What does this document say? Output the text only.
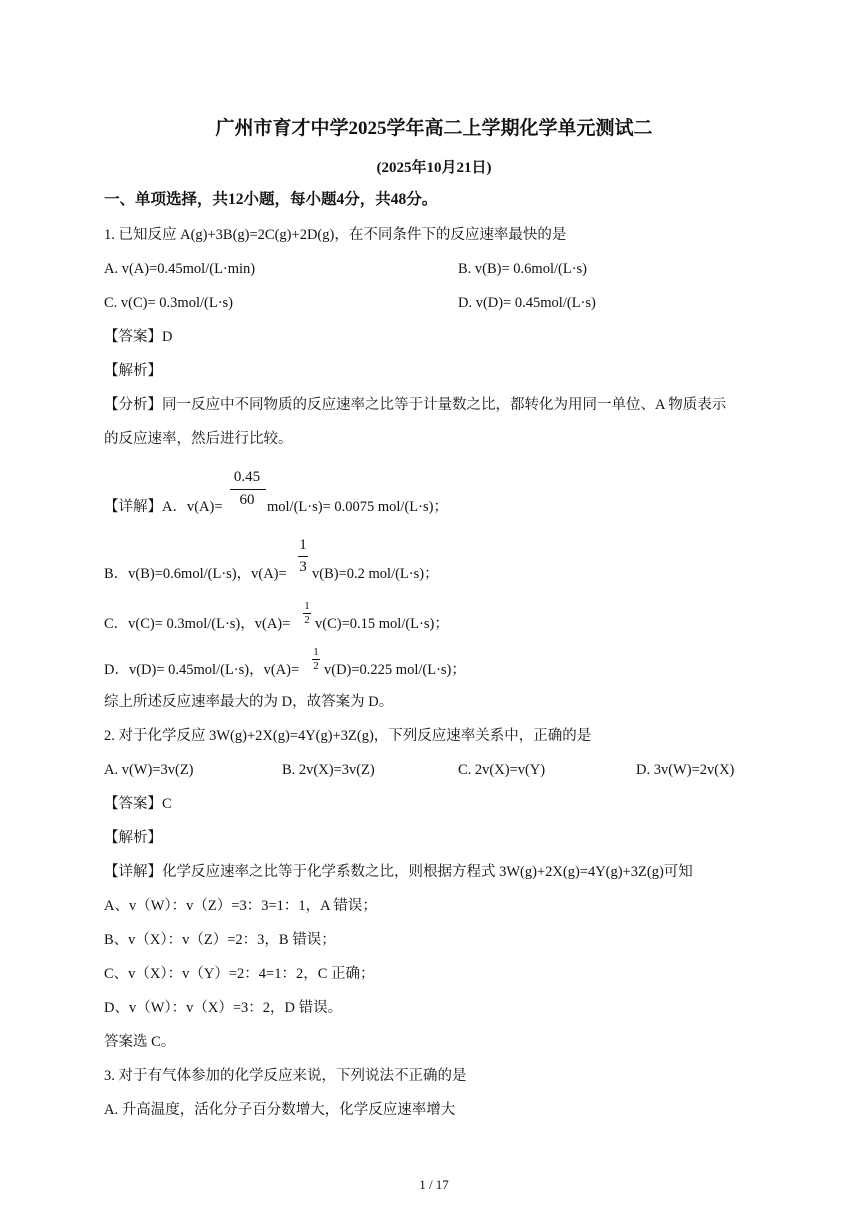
广州市育才中学2025学年高二上学期化学单元测试二
(2025年10月21日)
一、单项选择，共12小题，每小题4分，共48分。
1. 已知反应 A(g)+3B(g)=2C(g)+2D(g)，在不同条件下的反应速率最快的是
A. v(A)=0.45mol/(L·min)	B. v(B)= 0.6mol/(L·s)
C. v(C)= 0.3mol/(L·s)	D. v(D)= 0.45mol/(L·s)
【答案】D
【解析】
【分析】同一反应中不同物质的反应速率之比等于计量数之比，都转化为用同一单位、A 物质表示
的反应速率，然后进行比较。
0.45
60
【详解】A．v(A)=	mol/(L·s)= 0.0075 mol/(L·s)；
1
3
B．v(B)=0.6mol/(L·s)，v(A)= v(B)=0.2 mol/(L·s)；
1
2
C．v(C)= 0.3mol/(L·s)，v(A)= v(C)=0.15 mol/(L·s)；
1
2
D．v(D)= 0.45mol/(L·s)，v(A)= v(D)=0.225 mol/(L·s)；
综上所述反应速率最大的为 D，故答案为 D。
2. 对于化学反应 3W(g)+2X(g)=4Y(g)+3Z(g)，下列反应速率关系中，正确的是
A. v(W)=3v(Z)	B. 2v(X)=3v(Z)	C. 2v(X)=v(Y)	D. 3v(W)=2v(X)
【答案】C
【解析】
【详解】化学反应速率之比等于化学系数之比，则根据方程式 3W(g)+2X(g)=4Y(g)+3Z(g)可知
A、v（W）：v（Z）=3：3=1：1，A 错误；
B、v（X）：v（Z）=2：3，B 错误；
C、v（X）：v（Y）=2：4=1：2，C 正确；
D、v（W）：v（X）=3：2，D 错误。
答案选 C。
3. 对于有气体参加的化学反应来说，下列说法不正确的是
A. 升高温度，活化分子百分数增大，化学反应速率增大
1 / 17
